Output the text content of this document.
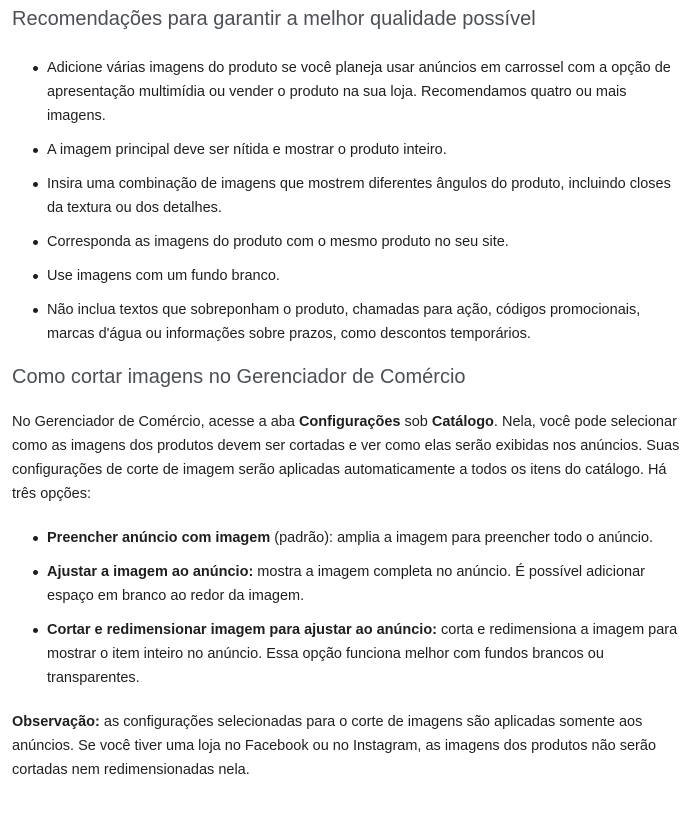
Recomendações para garantir a melhor qualidade possível
Adicione várias imagens do produto se você planeja usar anúncios em carrossel com a opção de apresentação multimídia ou vender o produto na sua loja. Recomendamos quatro ou mais imagens.
A imagem principal deve ser nítida e mostrar o produto inteiro.
Insira uma combinação de imagens que mostrem diferentes ângulos do produto, incluindo closes da textura ou dos detalhes.
Corresponda as imagens do produto com o mesmo produto no seu site.
Use imagens com um fundo branco.
Não inclua textos que sobreponham o produto, chamadas para ação, códigos promocionais, marcas d'água ou informações sobre prazos, como descontos temporários.
Como cortar imagens no Gerenciador de Comércio

No Gerenciador de Comércio, acesse a aba Configurações sob Catálogo. Nela, você pode selecionar como as imagens dos produtos devem ser cortadas e ver como elas serão exibidas nos anúncios. Suas configurações de corte de imagem serão aplicadas automaticamente a todos os itens do catálogo. Há três opções:

Preencher anúncio com imagem (padrão): amplia a imagem para preencher todo o anúncio.
Ajustar a imagem ao anúncio: mostra a imagem completa no anúncio. É possível adicionar espaço em branco ao redor da imagem.
Cortar e redimensionar imagem para ajustar ao anúncio: corta e redimensiona a imagem para mostrar o item inteiro no anúncio. Essa opção funciona melhor com fundos brancos ou transparentes.

Observação: as configurações selecionadas para o corte de imagens são aplicadas somente aos anúncios. Se você tiver uma loja no Facebook ou no Instagram, as imagens dos produtos não serão cortadas nem redimensionadas nela.
